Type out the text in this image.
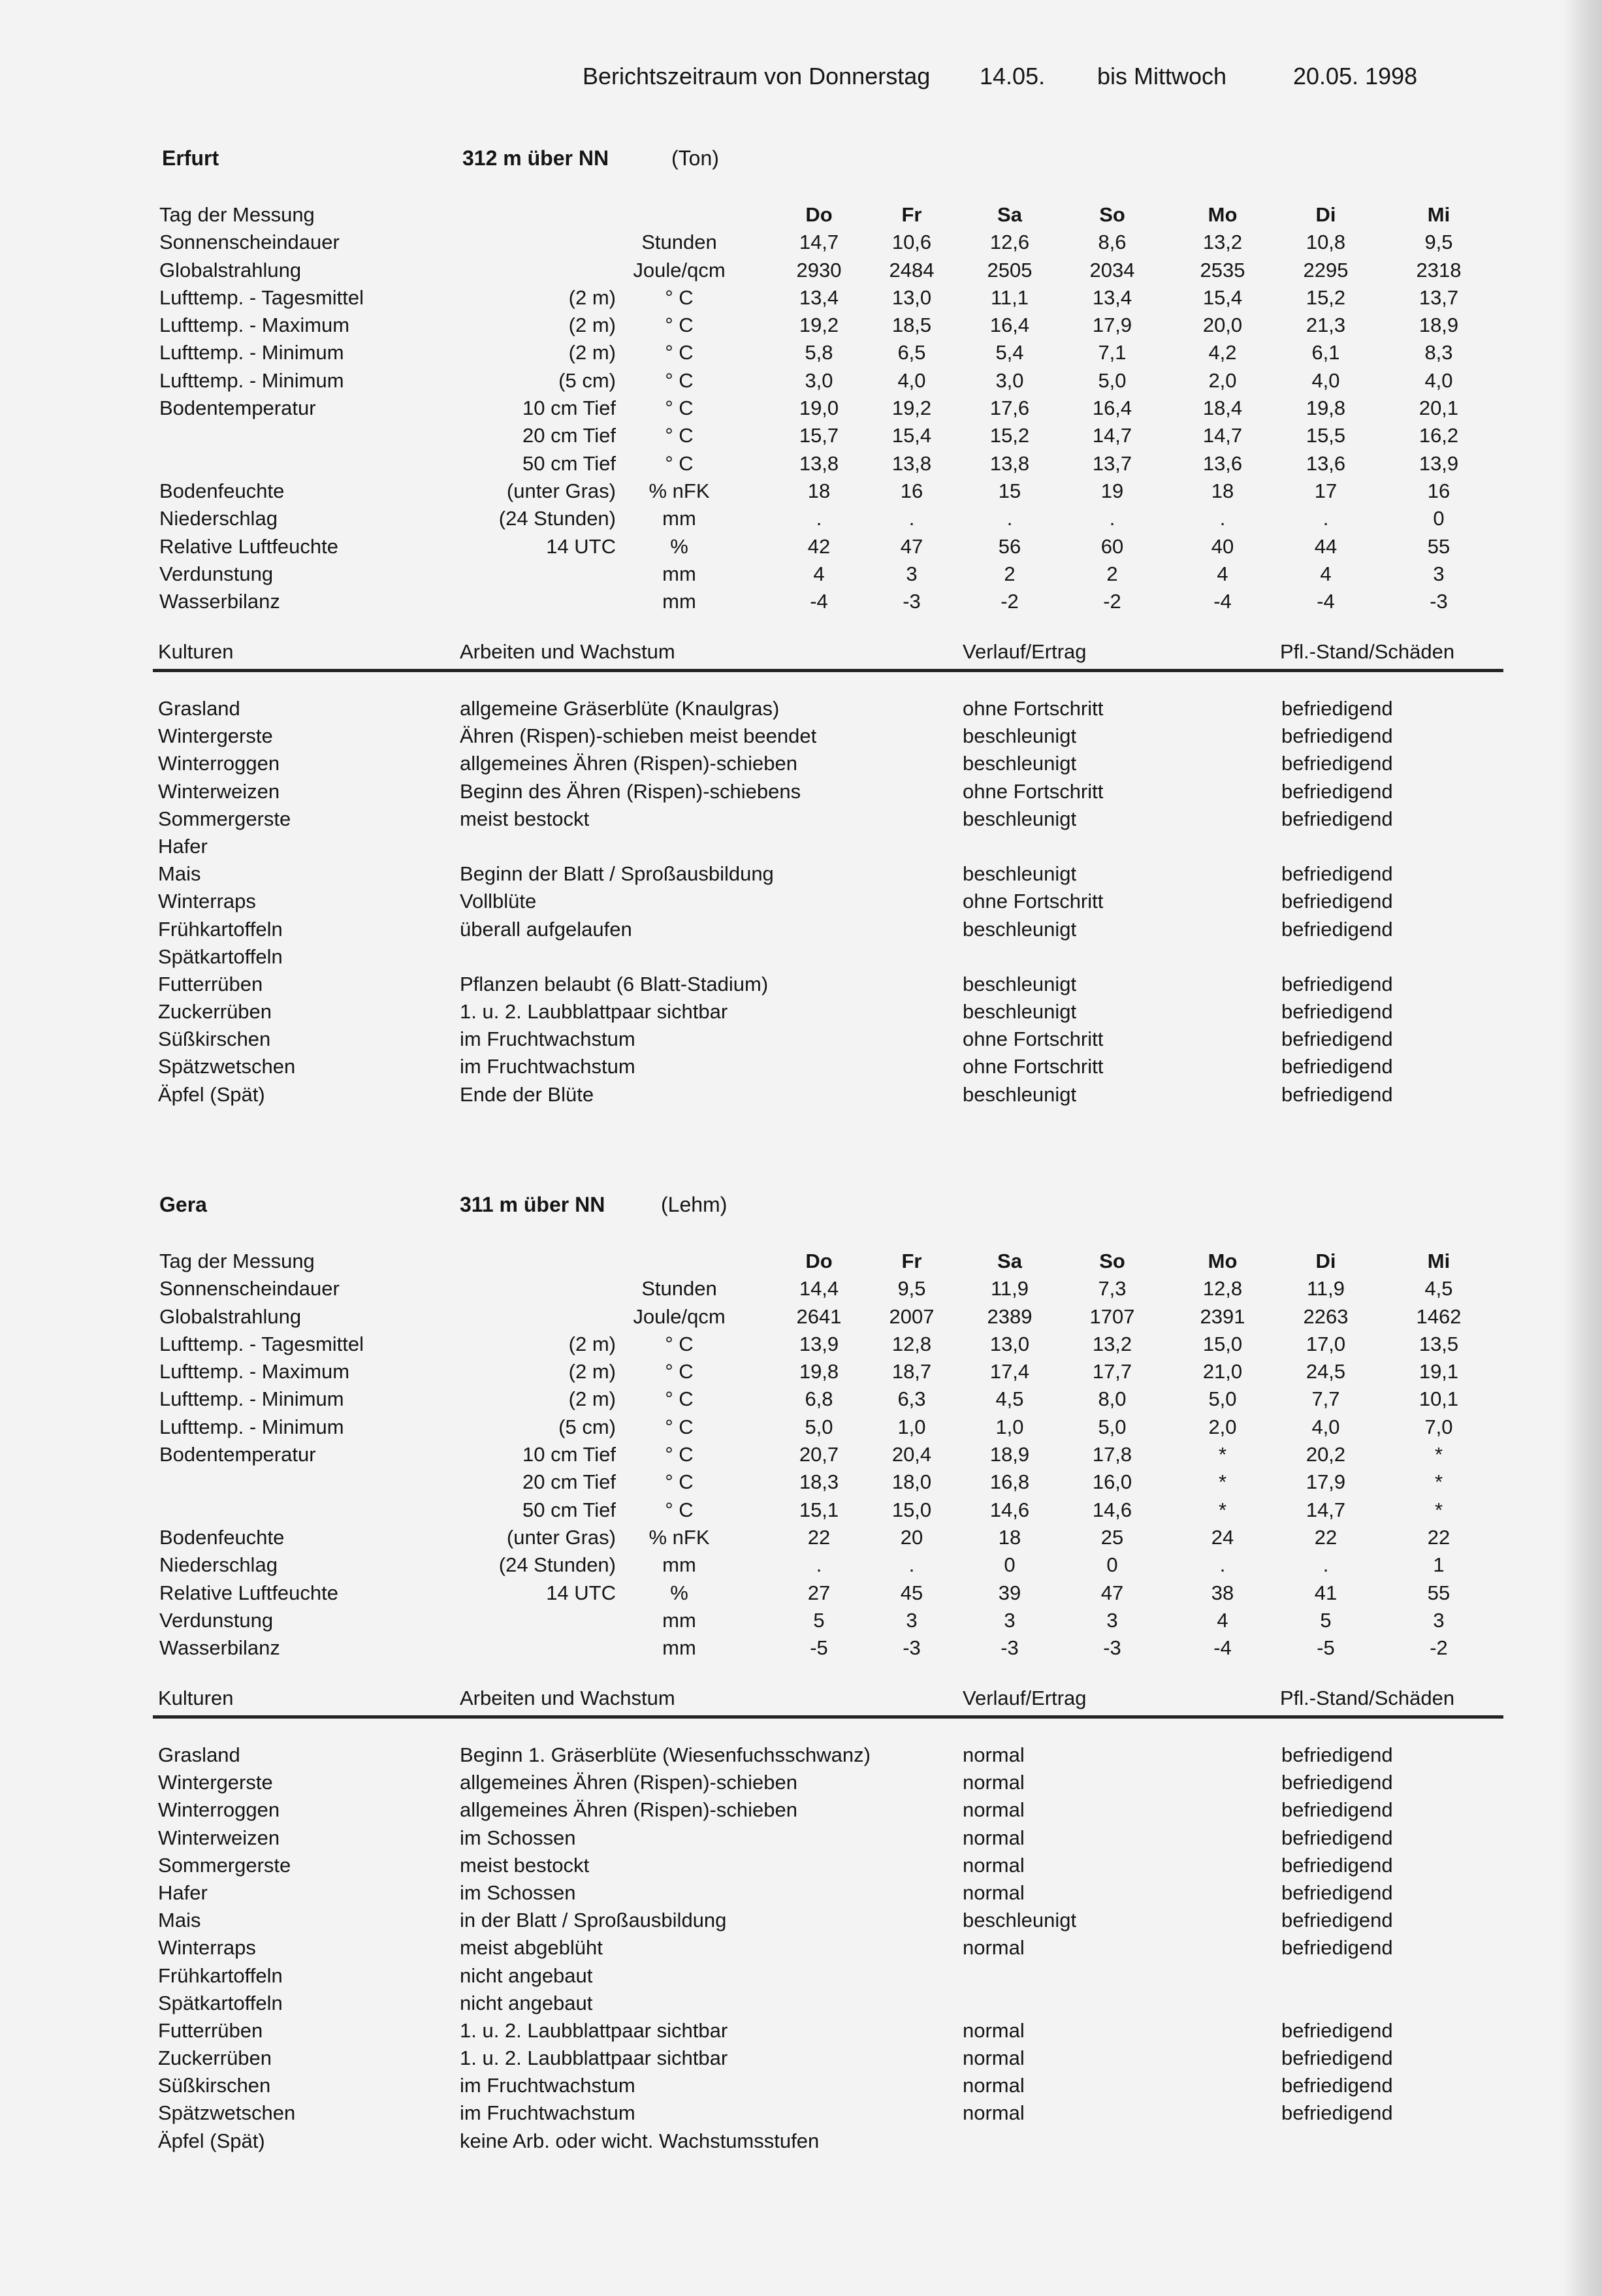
Berichtszeitraum von Donnerstag 14.05. bis Mittwoch	20.05. 1998
Erfurt	312 m über NN	(Ton)
Tag der Messung	Do	Fr	Sa	So	Mo	Di	Mi
Sonnenscheindauer	Stunden	14,7	10,6	12,6	8,6	13,2	10,8	9,5
Globalstrahlung	Joule/qcm	2930 2484	2505	2034	2535	2295	2318
Lufttemp. - Tagesmittel	(2 m) ° C	13,4	13,0	11,1	13,4	15,4	15,2	13,7
Lufttemp. - Maximum	(2 m) ° C	19,2	18,5	16,4	17,9	20,0	21,3	18,9
Lufttemp. - Minimum	(2 m) ° C	5,8	6,5	5,4	7,1	4,2	6,1	8,3
Lufttemp. - Minimum	(5 cm) ° C	3,0	4,0	3,0	5,0	2,0	4,0	4,0
Bodentemperatur	10 cm Tief ° C	19,0	19,2	17,6	16,4	18,4	19,8	20,1
20 cm Tief ° C	15,7	15,4	15,2	14,7	14,7	15,5	16,2
50 cm Tief ° C	13,8	13,8	13,8	13,7	13,6	13,6	13,9
Bodenfeuchte	(unter Gras) % nFK	18	16	15	19	18	17	16
Niederschlag	(24 Stunden) mm	.	.	.	.	.	.	0
Relative Luftfeuchte	14 UTC	%	42	47	56	60	40	44	55
Verdunstung	mm	4	3	2	2	4	4	3
Wasserbilanz	mm	-4	-3	-2	-2	-4	-4	-3
Kulturen	Arbeiten und Wachstum	Verlauf/Ertrag	Pfl.-Stand/Schäden
Grasland	allgemeine Gräserblüte (Knaulgras)	ohne Fortschritt	befriedigend
Wintergerste	Ähren (Rispen)-schieben meist beendet	beschleunigt	befriedigend
Winterroggen	allgemeines Ähren (Rispen)-schieben	beschleunigt	befriedigend
Winterweizen	Beginn des Ähren (Rispen)-schiebens	ohne Fortschritt	befriedigend
Sommergerste	meist bestockt	beschleunigt	befriedigend
Hafer
Mais	Beginn der Blatt / Sproßausbildung	beschleunigt	befriedigend
Winterraps	Vollblüte	ohne Fortschritt	befriedigend
Frühkartoffeln	überall aufgelaufen	beschleunigt	befriedigend
Spätkartoffeln
Futterrüben	Pflanzen belaubt (6 Blatt-Stadium)	beschleunigt	befriedigend
Zuckerrüben	1. u. 2. Laubblattpaar sichtbar	beschleunigt	befriedigend
Süßkirschen	im Fruchtwachstum	ohne Fortschritt	befriedigend
Spätzwetschen	im Fruchtwachstum	ohne Fortschritt	befriedigend
Äpfel (Spät)	Ende der Blüte	beschleunigt	befriedigend
Gera	311 m über NN	(Lehm)
Tag der Messung	Do	Fr	Sa	So	Mo	Di	Mi
Sonnenscheindauer	Stunden	14,4	9,5	11,9	7,3	12,8	11,9	4,5
Globalstrahlung	Joule/qcm	2641 2007	2389	1707	2391	2263	1462
Lufttemp. - Tagesmittel	(2 m) ° C	13,9	12,8	13,0	13,2	15,0	17,0	13,5
Lufttemp. - Maximum	(2 m) ° C	19,8	18,7	17,4	17,7	21,0	24,5	19,1
Lufttemp. - Minimum	(2 m) ° C	6,8	6,3	4,5	8,0	5,0	7,7	10,1
Lufttemp. - Minimum	(5 cm) ° C	5,0	1,0	1,0	5,0	2,0	4,0	7,0
Bodentemperatur	10 cm Tief ° C	20,7	20,4	18,9	17,8	*	20,2	*
20 cm Tief ° C	18,3	18,0	16,8	16,0	*	17,9	*
50 cm Tief ° C	15,1	15,0	14,6	14,6	*	14,7	*
Bodenfeuchte	(unter Gras) % nFK	22	20	18	25	24	22	22
Niederschlag	(24 Stunden) mm	.	.	0	0	.	.	1
Relative Luftfeuchte	14 UTC	%	27	45	39	47	38	41	55
Verdunstung	mm	5	3	3	3	4	5	3
Wasserbilanz	mm	-5	-3	-3	-3	-4	-5	-2
Kulturen	Arbeiten und Wachstum	Verlauf/Ertrag	Pfl.-Stand/Schäden
Grasland	Beginn 1. Gräserblüte (Wiesenfuchsschwanz)	normal	befriedigend
Wintergerste	allgemeines Ähren (Rispen)-schieben	normal	befriedigend
Winterroggen	allgemeines Ähren (Rispen)-schieben	normal	befriedigend
Winterweizen	im Schossen	normal	befriedigend
Sommergerste	meist bestockt	normal	befriedigend
Hafer	im Schossen	normal	befriedigend
Mais	in der Blatt / Sproßausbildung	beschleunigt	befriedigend
Winterraps	meist abgeblüht	normal	befriedigend
Frühkartoffeln	nicht angebaut
Spätkartoffeln	nicht angebaut
Futterrüben	1. u. 2. Laubblattpaar sichtbar	normal	befriedigend
Zuckerrüben	1. u. 2. Laubblattpaar sichtbar	normal	befriedigend
Süßkirschen	im Fruchtwachstum	normal	befriedigend
Spätzwetschen	im Fruchtwachstum	normal	befriedigend
Äpfel (Spät)	keine Arb. oder wicht. Wachstumsstufen
